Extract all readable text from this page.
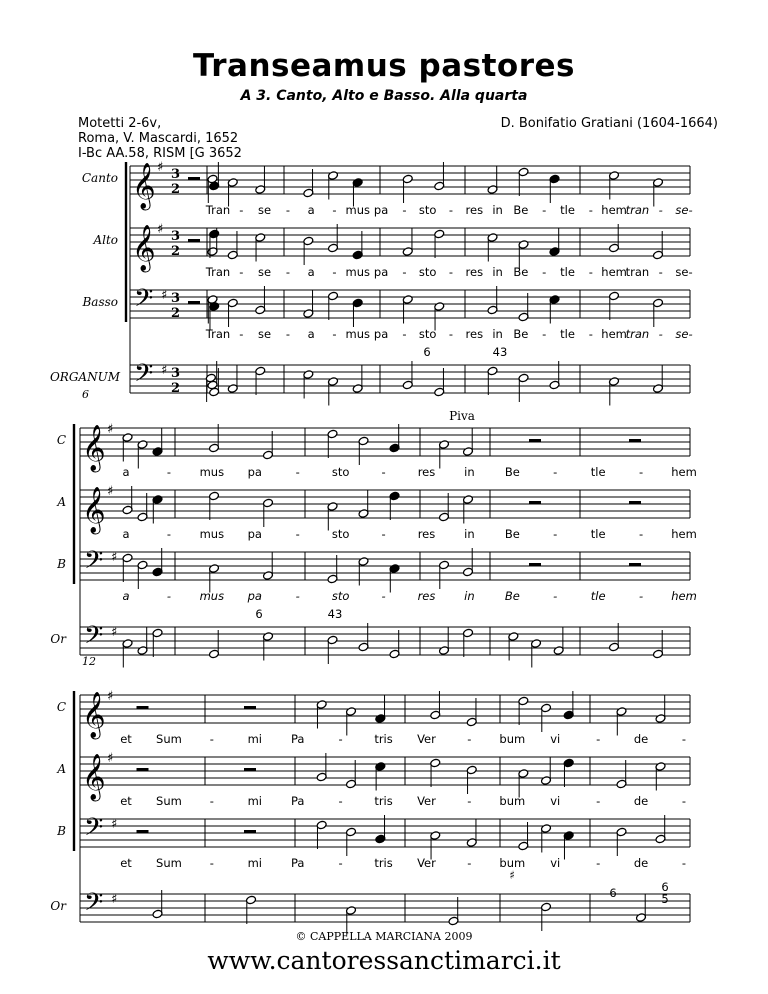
Transeamus pastores
A 3. Canto, Alto e Basso. Alla quarta
Motetti 2-6v,
Roma, V. Mascardi, 1652
I-Bc AA.58, RISM [G 3652
D. Bonifatio Gratiani (1604-1664)
Canto 𝄞 ♯ 3
2
Tran - se - a - mus pa - sto - res in Be - tle - hem
tran - se-
Alto 𝄞 ♯ 3
2
Tran - se - a - mus pa - sto - res in Be - tle - hem
tran - se-
Basso 𝄢 ♯ 3
2
Tran - se - a - mus pa - sto - res in Be - tle - hem
tran - se-
ORGANUM 𝄢 ♯ 3
2
6	43
6
Piva
C 𝄞 ♯
a	- mus pa	-	sto	-	res	in	Be	-	tle	- hem
A 𝄞 ♯
a	- mus pa	-	sto	-	res	in	Be	-	tle	- hem
B 𝄢 ♯
a	- mus pa	-	sto	-	res	in	Be	-	tle	- hem
Or 𝄢 ♯
6	43
12
C 𝄞 ♯
et Sum -	mi	Pa	-	tris Ver	- bum vi	-	de	-
A 𝄞 ♯
et Sum -	mi	Pa	-	tris Ver	- bum vi	-	de	-
B 𝄢 ♯
et Sum -	mi	Pa	-	tris Ver	- bum vi	-	de	-
Or 𝄢 ♯
♯
6	6
5
© CAPPELLA MARCIANA 2009
www.cantoressanctimarci.it
